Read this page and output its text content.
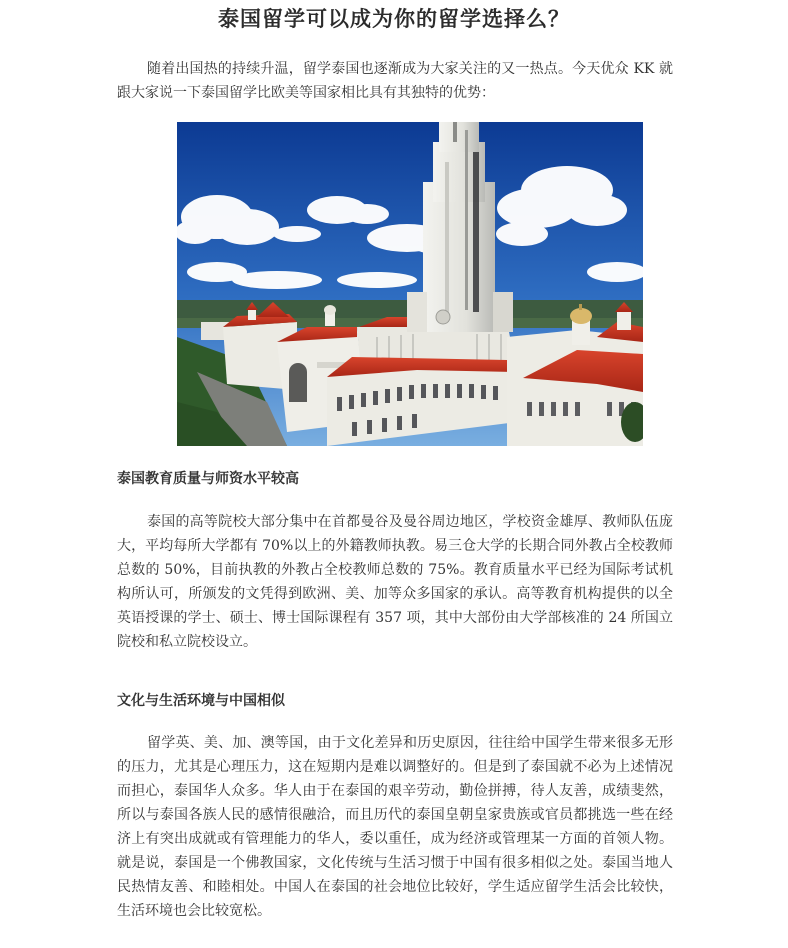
泰国留学可以成为你的留学选择么？

随着出国热的持续升温，留学泰国也逐渐成为大家关注的又一热点。今天优众 KK 就跟大家说一下泰国留学比欧美等国家相比具有其独特的优势：

泰国教育质量与师资水平较高

泰国的高等院校大部分集中在首都曼谷及曼谷周边地区，学校资金雄厚、教师队伍庞大，平均每所大学都有 70%以上的外籍教师执教。易三仓大学的长期合同外教占全校教师总数的 50%，目前执教的外教占全校教师总数的 75%。教育质量水平已经为国际考试机构所认可，所颁发的文凭得到欧洲、美、加等众多国家的承认。高等教育机构提供的以全英语授课的学士、硕士、博士国际课程有 357 项，其中大部份由大学部核准的 24 所国立院校和私立院校设立。

文化与生活环境与中国相似

留学英、美、加、澳等国，由于文化差异和历史原因，往往给中国学生带来很多无形的压力，尤其是心理压力，这在短期内是难以调整好的。但是到了泰国就不必为上述情况而担心，泰国华人众多。华人由于在泰国的艰辛劳动，勤俭拼搏，待人友善，成绩斐然，所以与泰国各族人民的感情很融洽，而且历代的泰国皇朝皇家贵族或官员都挑选一些在经济上有突出成就或有管理能力的华人，委以重任，成为经济或管理某一方面的首领人物。就是说，泰国是一个佛教国家，文化传统与生活习惯于中国有很多相似之处。泰国当地人民热情友善、和睦相处。中国人在泰国的社会地位比较好，学生适应留学生活会比较快，生活环境也会比较宽松。
